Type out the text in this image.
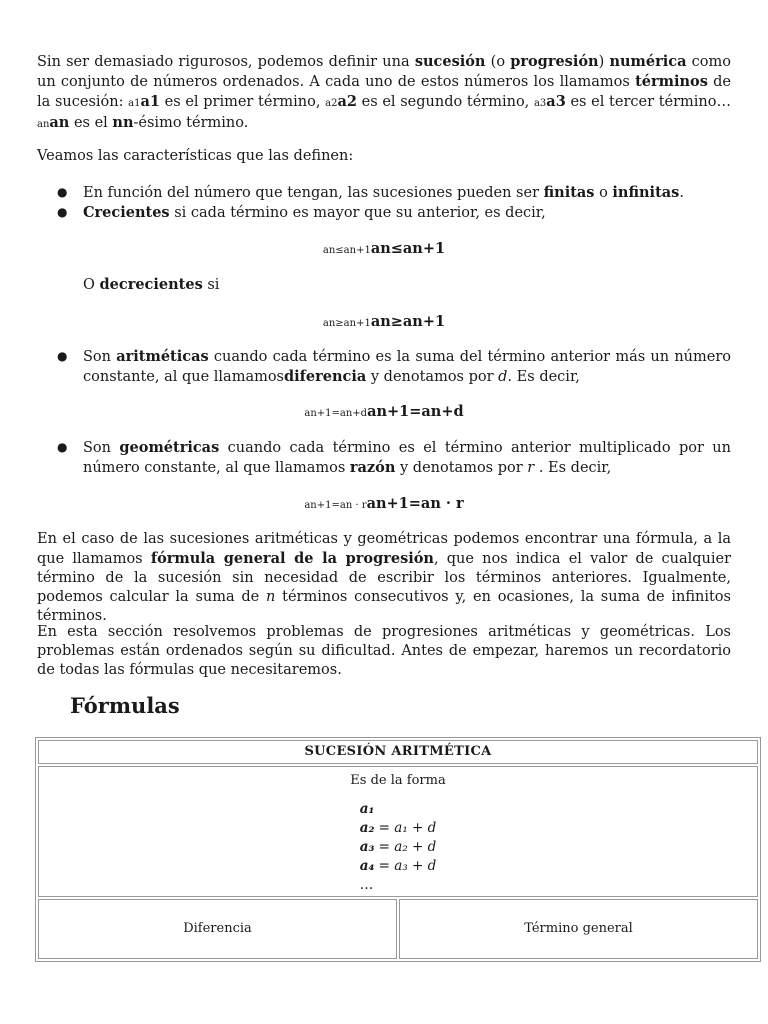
Sin ser demasiado rigurosos, podemos definir una sucesión (o progresión) numérica como un conjunto de números ordenados. A cada uno de estos números los llamamos términos de la sucesión: a1a1 es el primer término, a2a2 es el segundo término, a3a3 es el tercer término… anan es el nn-ésimo término.

Veamos las características que las definen:

● En función del número que tengan, las sucesiones pueden ser finitas o infinitas.
● Crecientes si cada término es mayor que su anterior, es decir,
an≤an+1an≤an+1
O decrecientes si
an≥an+1an≥an+1
● Son aritméticas cuando cada término es la suma del término anterior más un número constante, al que llamamosdiferencia y denotamos por d. Es decir,
an+1=an+dan+1=an+d
● Son geométricas cuando cada término es el término anterior multiplicado por un número constante, al que llamamos razón y denotamos por r . Es decir,
an+1=an · ran+1=an · r

En el caso de las sucesiones aritméticas y geométricas podemos encontrar una fórmula, a la que llamamos fórmula general de la progresión, que nos indica el valor de cualquier término de la sucesión sin necesidad de escribir los términos anteriores. Igualmente, podemos calcular la suma de n términos consecutivos y, en ocasiones, la suma de infinitos términos.

En esta sección resolvemos problemas de progresiones aritméticas y geométricas. Los problemas están ordenados según su dificultad. Antes de empezar, haremos un recordatorio de todas las fórmulas que necesitaremos.

Fórmulas
SUCESIÓN ARITMÉTICA

Es de la forma
a₁
a₂ = a₁ + d
a₃ = a₂ + d
a₄ = a₃ + d
…

Diferencia	Término general
